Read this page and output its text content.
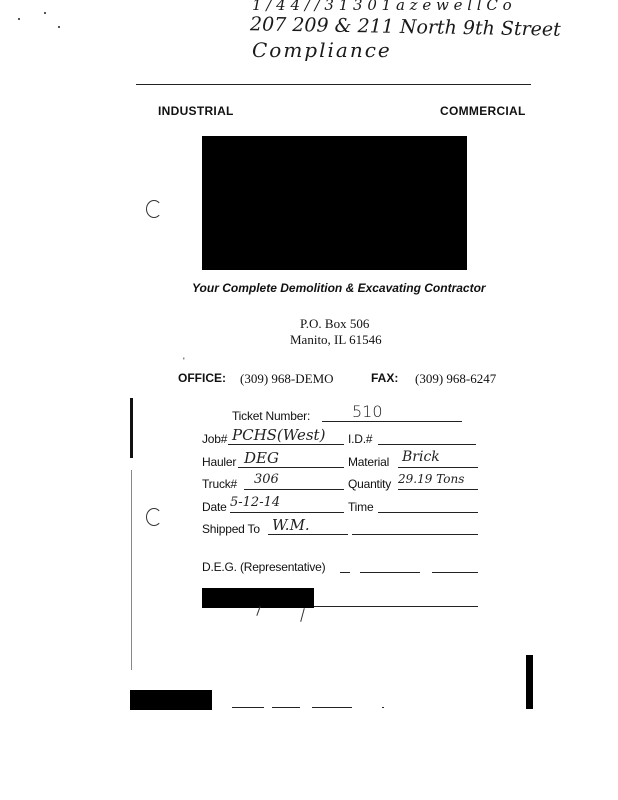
1 / 4 4 / / 3 1 3 0 1 a z e w e l l C o
207 209 & 211 North 9th Street
Compliance
INDUSTRIAL	COMMERCIAL
Your Complete Demolition & Excavating Contractor
P.O. Box 506
Manito, IL 61546
'
OFFICE: (309) 968-DEMO	FAX: (309) 968-6247
Ticket Number:	510
Job# PCHS(West) I.D.#
Hauler DEG	Material Brick
Truck# 306	Quantity 29.19 Tons
Date 5-12-14	Time
Shipped To W.M.
D.E.G. (Representative)
